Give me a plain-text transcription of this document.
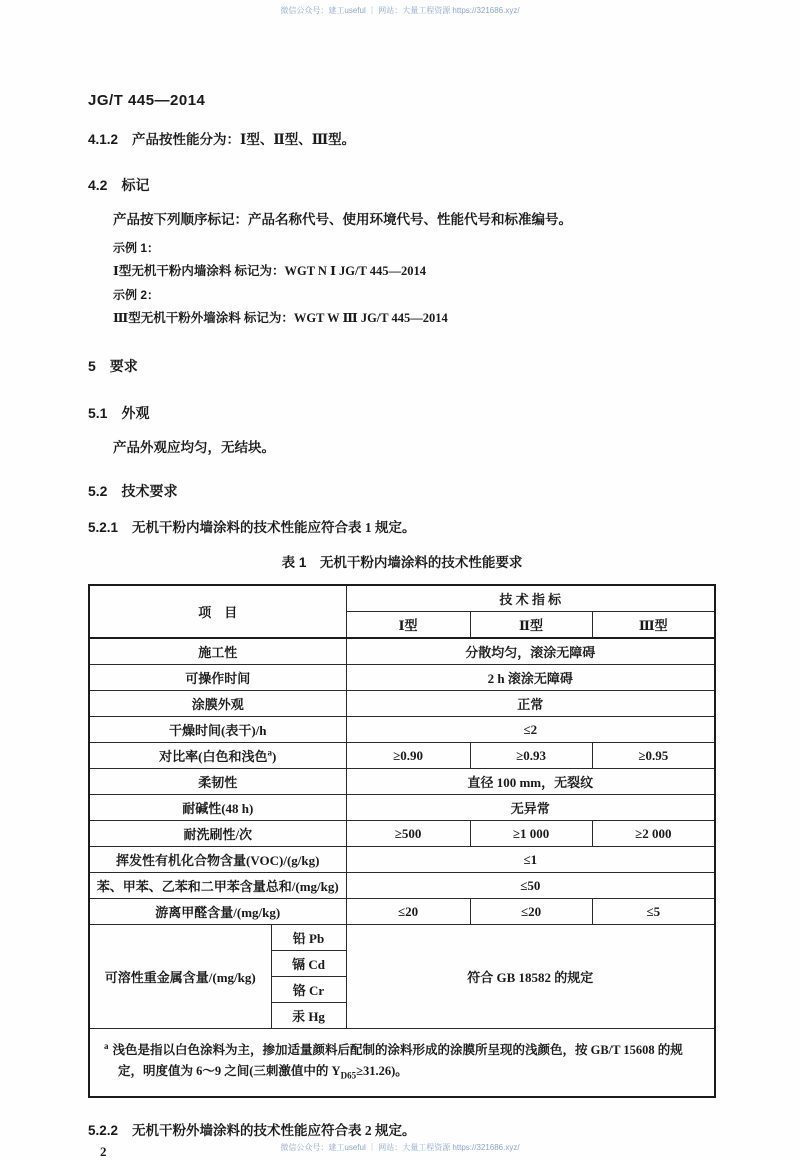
微信公众号：建工useful ｜ 网站：大量工程资源 https://321686.xyz/
JG/T 445—2014

4.1.2 产品按性能分为：Ⅰ型、Ⅱ型、Ⅲ型。

4.2　标记

产品按下列顺序标记：产品名称代号、使用环境代号、性能代号和标准编号。

示例 1：
Ⅰ型无机干粉内墙涂料 标记为：WGT N Ⅰ JG/T 445—2014
示例 2：
Ⅲ型无机干粉外墙涂料 标记为：WGT W Ⅲ JG/T 445—2014
5　要求
5.1　外观

产品外观应均匀，无结块。

5.2　技术要求

5.2.1 无机干粉内墙涂料的技术性能应符合表 1 规定。

表 1　无机干粉内墙涂料的技术性能要求
项　目		技 术 指 标		
		Ⅰ型	Ⅱ型	Ⅲ型
施工性		分散均匀，滚涂无障碍		
可操作时间		2 h 滚涂无障碍		
涂膜外观		正常		
干燥时间(表干)/h		≤2		
对比率(白色和浅色$^a$)		≥0.90	≥0.93	≥0.95
柔韧性		直径 100 mm，无裂纹		
耐碱性(48 h)		无异常		
耐洗刷性/次		≥500	≥1 000	≥2 000
挥发性有机化合物含量(VOC)/(g/kg)		≤1		
苯、甲苯、乙苯和二甲苯含量总和/(mg/kg)		≤50		
游离甲醛含量/(mg/kg)		≤20	≤20	≤5
可溶性重金属含量/(mg/kg)	铅 Pb	符合 GB 18582 的规定		
	镉 Cd			
	铬 Cr			
	汞 Hg			

$^a$ 浅色是指以白色涂料为主，掺加适量颜料后配制的涂料形成的涂膜所呈现的浅颜色，按 GB/T 15608 的规定，明度值为 6～9 之间(三刺激值中的 $Y_{D65}\ge 31.26$)。				

5.2.2 无机干粉外墙涂料的技术性能应符合表 2 规定。

2	微信公众号：建工useful ｜ 网站：大量工程资源 https://321686.xyz/
